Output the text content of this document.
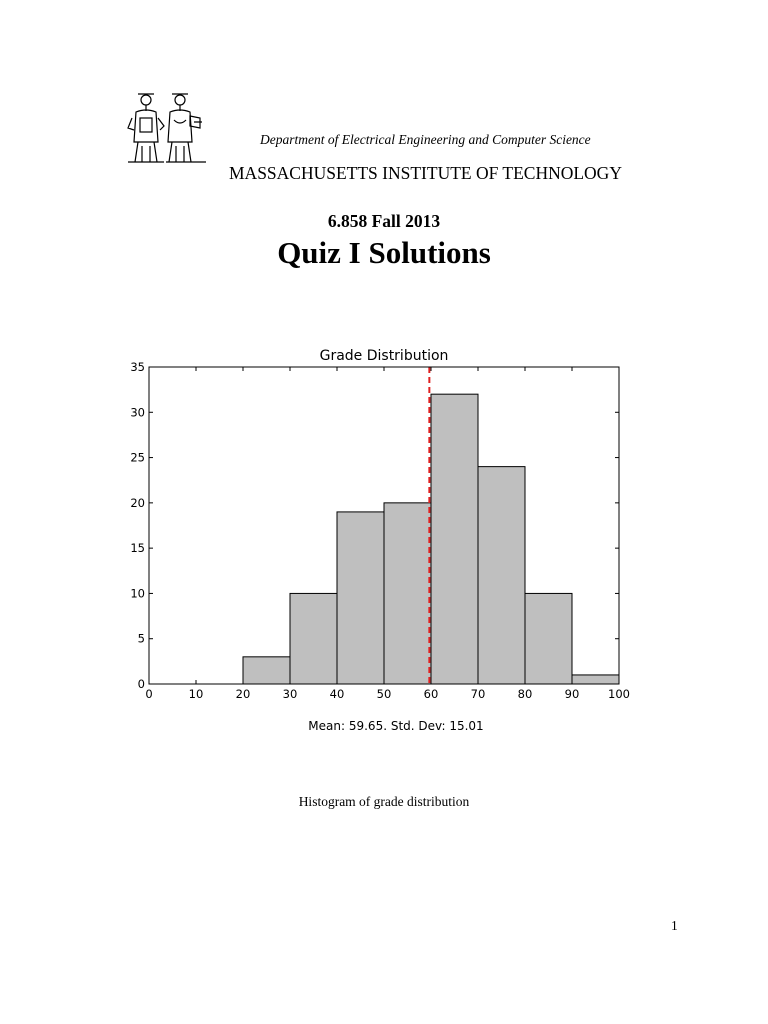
Department of Electrical Engineering and Computer Science
MASSACHUSETTS INSTITUTE OF TECHNOLOGY
6.858 Fall 2013
Quiz I Solutions
Grade Distribution
0	10	20	30	40	50	60	70	80	90 100
0
5
10
15
20
25
30
35
Mean: 59.65. Std. Dev: 15.01
Histogram of grade distribution
1
